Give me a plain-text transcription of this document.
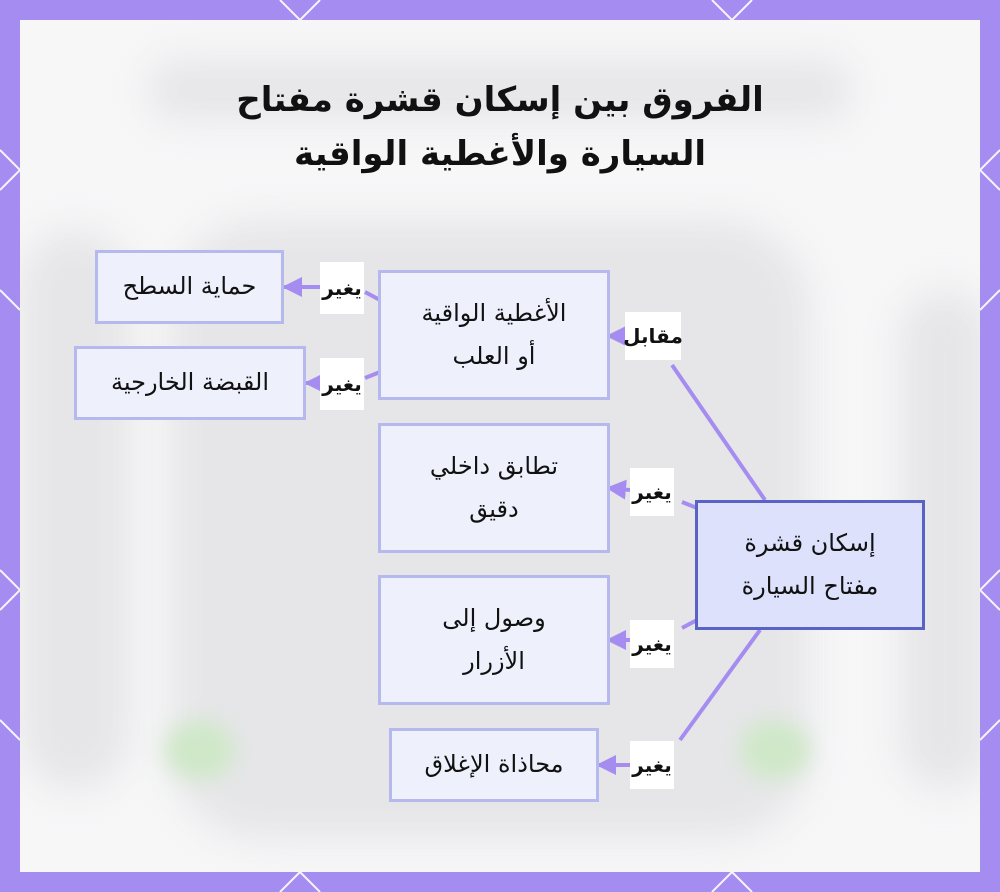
الفروق بين إسكان قشرة مفتاح
السيارة والأغطية الواقية
إسكان قشرة
مفتاح السيارة
الأغطية الواقية
أو العلب
تطابق داخلي
دقيق
وصول إلى
الأزرار
محاذاة الإغلاق
حماية السطح
القبضة الخارجية
مقابل
يغير
يغير
يغير
يغير
يغير
